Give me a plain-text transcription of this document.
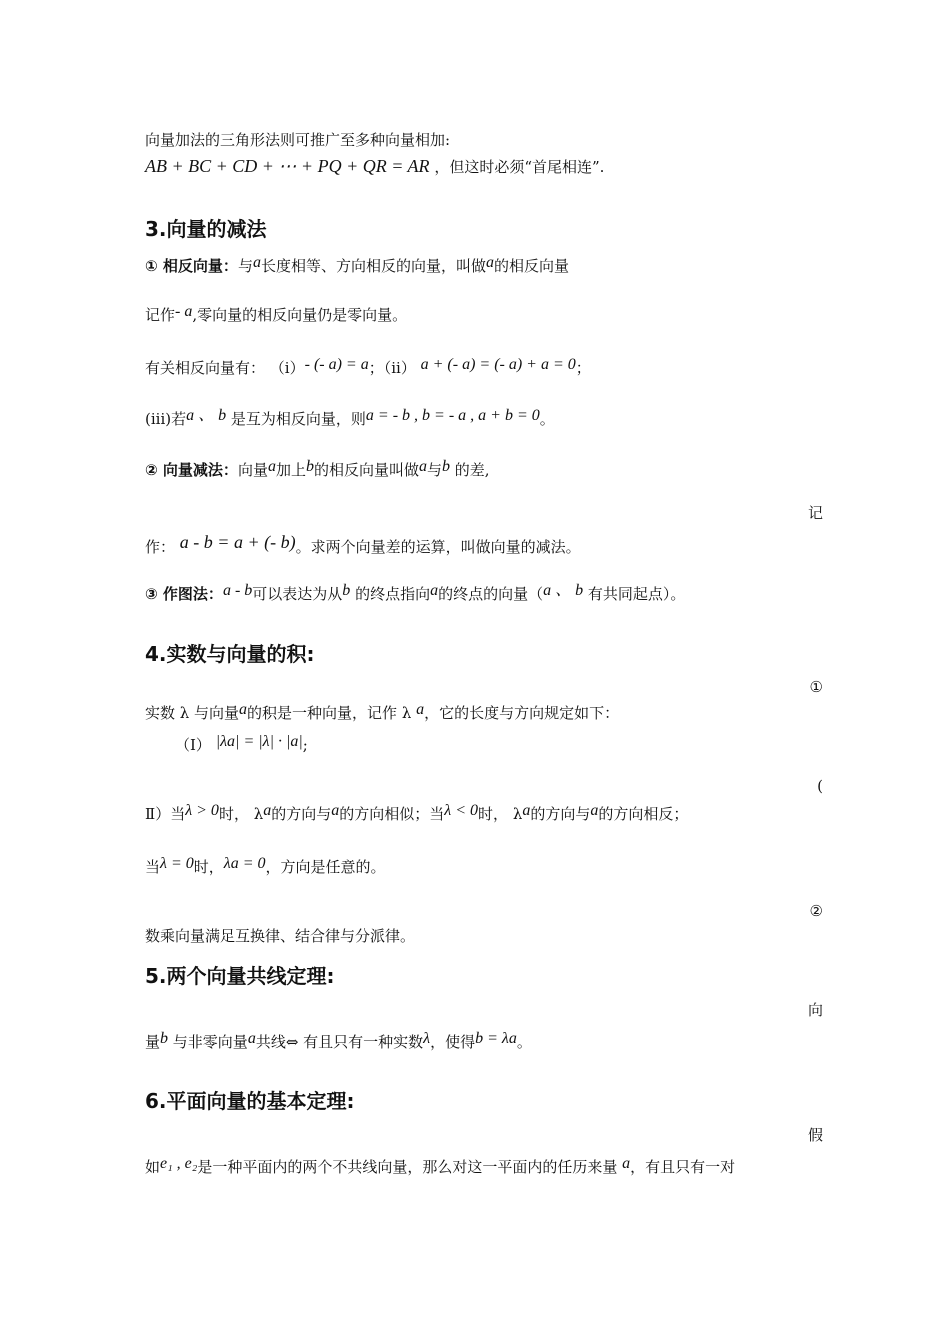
向量加法的三角形法则可推广至多种向量相加:
AB + BC + CD + ⋯ + PQ + QR = AR ，但这时必须“首尾相连”.
3.向量的减法
① 相反向量：与a长度相等、方向相反的向量，叫做a的相反向量
记作- a,零向量的相反向量仍是零向量。
有关相反向量有： （i）- (- a) = a；（ii） a + (- a) = (- a) + a = 0；
(iii)若a 、 b 是互为相反向量，则a = - b , b = - a , a + b = 0。
② 向量减法：向量a加上b的相反向量叫做a与b 的差,
记
作： a - b = a + (- b)。求两个向量差的运算，叫做向量的减法。
③ 作图法：a - b可以表达为从b 的终点指向a的终点的向量（a 、 b 有共同起点）。
4.实数与向量的积:
①
实数 λ 与向量a的积是一种向量，记作 λ a，它的长度与方向规定如下：
（Ⅰ） |λa| = |λ| · |a|;
(
Ⅱ）当λ > 0时， λa的方向与a的方向相似；当λ < 0时， λa的方向与a的方向相反；
当λ = 0时，λa = 0，方向是任意的。
②
数乘向量满足互换律、结合律与分派律。
5.两个向量共线定理:
向
量b 与非零向量a共线⇔ 有且只有一种实数λ，使得b = λa。
6.平面向量的基本定理:
假
如e₁ , e₂是一种平面内的两个不共线向量，那么对这一平面内的任历来量 a，有且只有一对
